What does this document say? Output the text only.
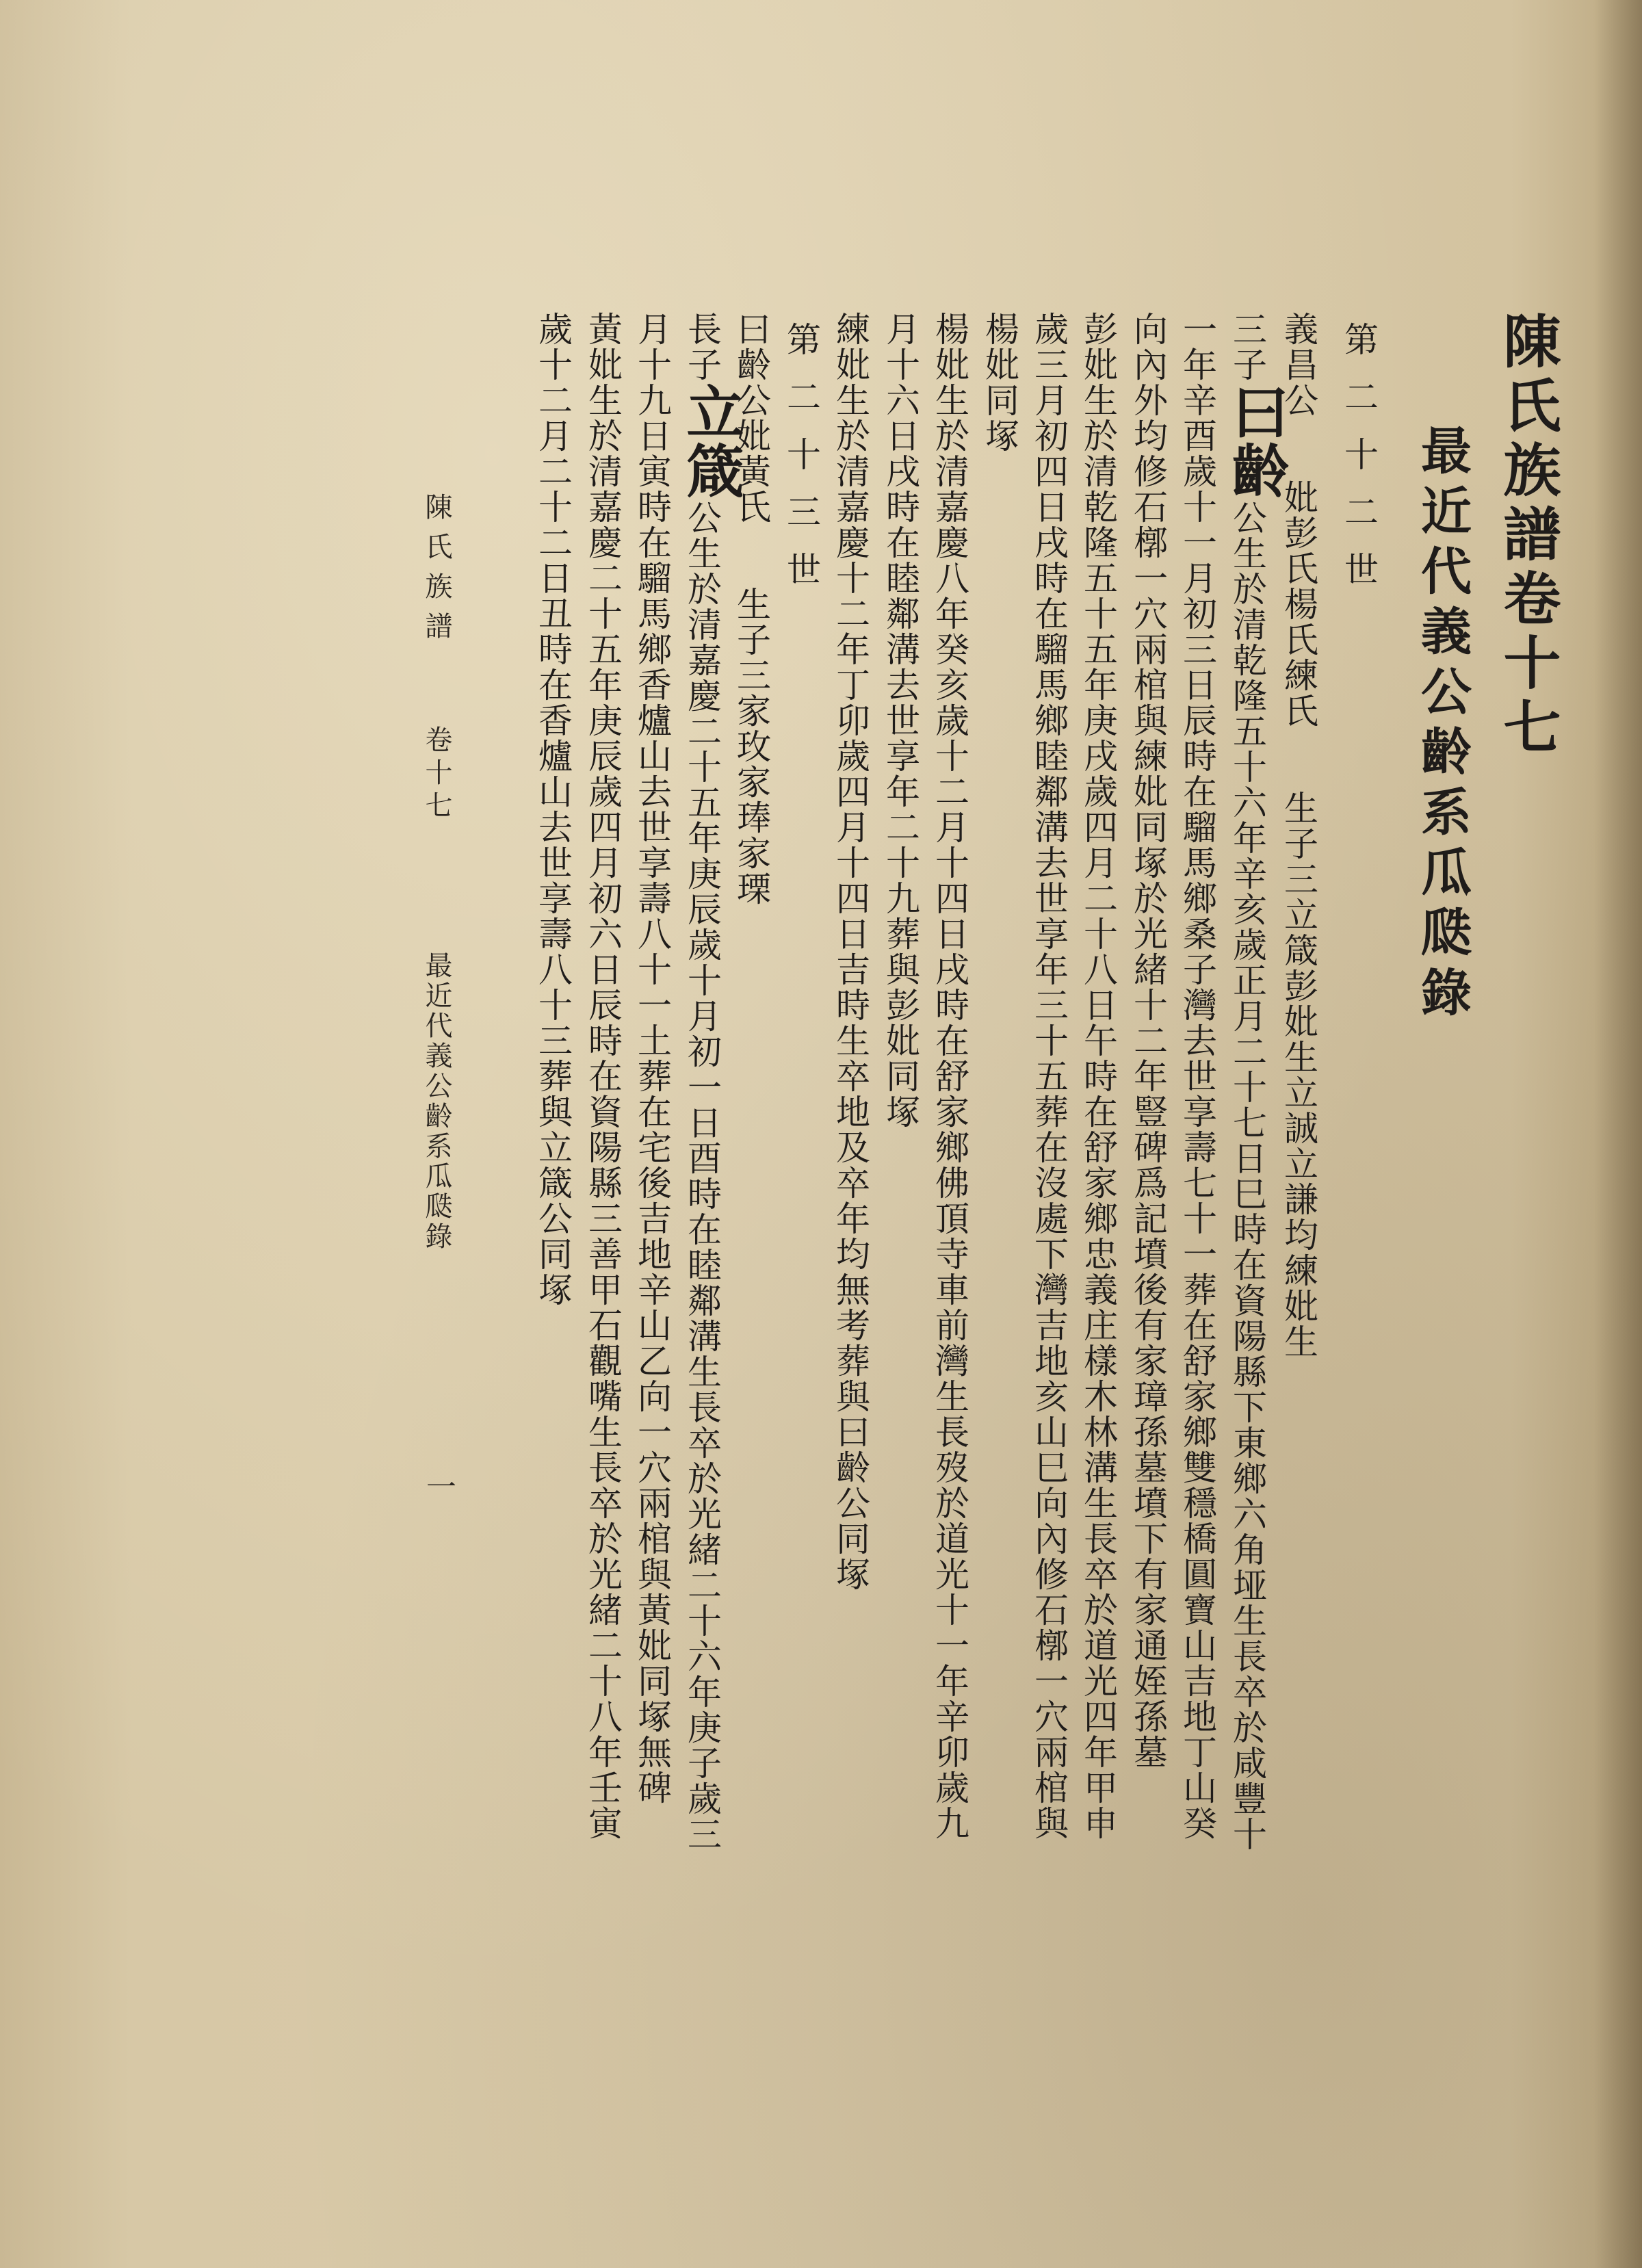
陳氏族譜卷十七
最近代義公齡系瓜瓞錄
第二十二世
義昌公妣彭氏楊氏練氏生子三立箴彭妣生立誠立謙均練妣生
三子曰齡公生於清乾隆五十六年辛亥歲正月二十七日巳時在資陽縣下東鄉六角垭生長卒於咸豐十
一年辛酉歲十一月初三日辰時在騮馬鄉桑子灣去世享壽七十一葬在舒家鄉雙穩橋圓寶山吉地丁山癸
向內外均修石槨一穴兩棺與練妣同塚於光緒十二年豎碑爲記墳後有家璋孫墓墳下有家通姪孫墓
彭妣生於清乾隆五十五年庚戌歲四月二十八日午時在舒家鄉忠義庄樣木林溝生長卒於道光四年甲申
歲三月初四日戌時在騮馬鄉睦鄰溝去世享年三十五葬在沒處下灣吉地亥山巳向內修石槨一穴兩棺與
楊妣同塚
楊妣生於清嘉慶八年癸亥歲十二月十四日戌時在舒家鄉佛頂寺車前灣生長歿於道光十一年辛卯歲九
月十六日戌時在睦鄰溝去世享年二十九葬與彭妣同塚
練妣生於清嘉慶十二年丁卯歲四月十四日吉時生卒地及卒年均無考葬與曰齡公同塚
第二十三世
曰齡公妣黃氏生子三家玫家琫家瑮
長子立箴公生於清嘉慶二十五年庚辰歲十月初一日酉時在睦鄰溝生長卒於光緒二十六年庚子歲三
月十九日寅時在騮馬鄉香爐山去世享壽八十一土葬在宅後吉地辛山乙向一穴兩棺與黃妣同塚無碑
黃妣生於清嘉慶二十五年庚辰歲四月初六日辰時在資陽縣三善甲石觀嘴生長卒於光緒二十八年壬寅
歲十二月二十二日丑時在香爐山去世享壽八十三葬與立箴公同塚
陳氏族譜
卷十七
最近代義公齡系瓜瓞錄
一
